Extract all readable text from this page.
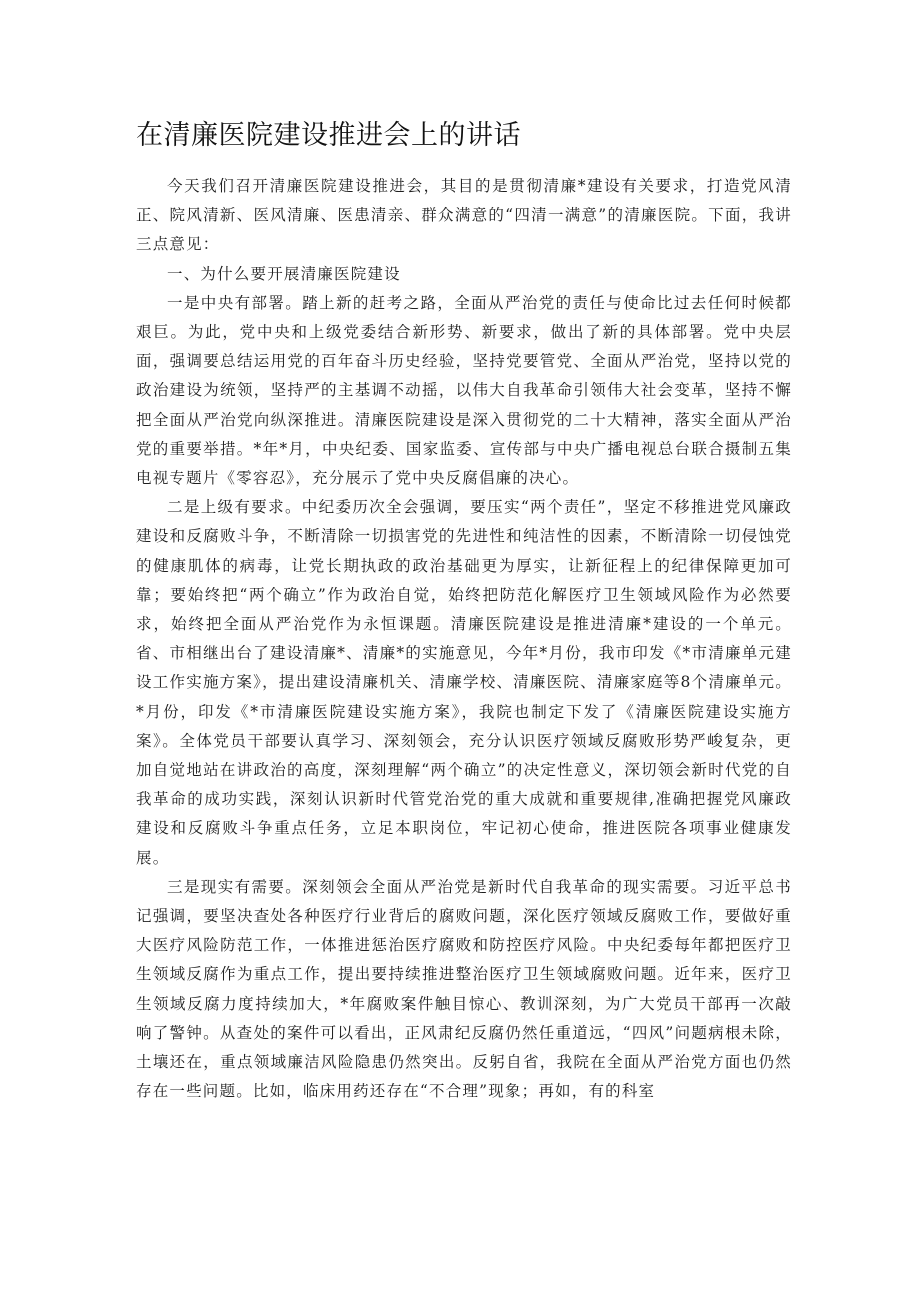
在清廉医院建设推进会上的讲话

今天我们召开清廉医院建设推进会，其目的是贯彻清廉*建设有关要求，打造党风清正、院风清新、医风清廉、医患清亲、群众满意的“四清一满意”的清廉医院。下面，我讲三点意见：

一、为什么要开展清廉医院建设

一是中央有部署。踏上新的赶考之路，全面从严治党的责任与使命比过去任何时候都艰巨。为此，党中央和上级党委结合新形势、新要求，做出了新的具体部署。党中央层面，强调要总结运用党的百年奋斗历史经验，坚持党要管党、全面从严治党，坚持以党的政治建设为统领，坚持严的主基调不动摇，以伟大自我革命引领伟大社会变革，坚持不懈把全面从严治党向纵深推进。清廉医院建设是深入贯彻党的二十大精神，落实全面从严治党的重要举措。*年*月，中央纪委、国家监委、宣传部与中央广播电视总台联合摄制五集电视专题片《零容忍》，充分展示了党中央反腐倡廉的决心。

二是上级有要求。中纪委历次全会强调，要压实“两个责任”，坚定不移推进党风廉政建设和反腐败斗争，不断清除一切损害党的先进性和纯洁性的因素，不断清除一切侵蚀党的健康肌体的病毒，让党长期执政的政治基础更为厚实，让新征程上的纪律保障更加可靠；要始终把“两个确立”作为政治自觉，始终把防范化解医疗卫生领域风险作为必然要求，始终把全面从严治党作为永恒课题。清廉医院建设是推进清廉*建设的一个单元。省、市相继出台了建设清廉*、清廉*的实施意见，今年*月份，我市印发《*市清廉单元建设工作实施方案》，提出建设清廉机关、清廉学校、清廉医院、清廉家庭等8个清廉单元。*月份，印发《*市清廉医院建设实施方案》，我院也制定下发了《清廉医院建设实施方案》。全体党员干部要认真学习、深刻领会，充分认识医疗领域反腐败形势严峻复杂，更加自觉地站在讲政治的高度，深刻理解“两个确立”的决定性意义，深切领会新时代党的自我革命的成功实践，深刻认识新时代管党治党的重大成就和重要规律,准确把握党风廉政建设和反腐败斗争重点任务，立足本职岗位，牢记初心使命，推进医院各项事业健康发展。

三是现实有需要。深刻领会全面从严治党是新时代自我革命的现实需要。习近平总书记强调，要坚决查处各种医疗行业背后的腐败问题，深化医疗领域反腐败工作，要做好重大医疗风险防范工作，一体推进惩治医疗腐败和防控医疗风险。中央纪委每年都把医疗卫生领域反腐作为重点工作，提出要持续推进整治医疗卫生领域腐败问题。近年来，医疗卫生领域反腐力度持续加大，*年腐败案件触目惊心、教训深刻，为广大党员干部再一次敲响了警钟。从查处的案件可以看出，正风肃纪反腐仍然任重道远，“四风”问题病根未除，土壤还在，重点领域廉洁风险隐患仍然突出。反躬自省，我院在全面从严治党方面也仍然存在一些问题。比如，临床用药还存在“不合理”现象；再如，有的科室
